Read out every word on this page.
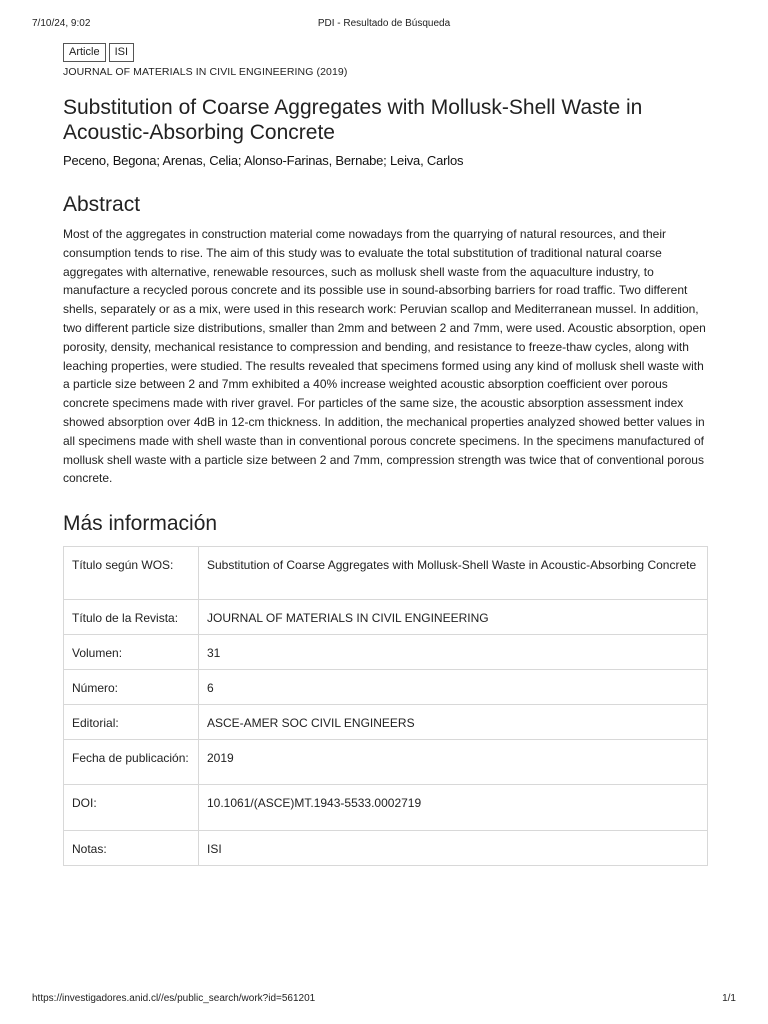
7/10/24, 9:02	PDI - Resultado de Búsqueda
Article	ISI
JOURNAL OF MATERIALS IN CIVIL ENGINEERING (2019)
Substitution of Coarse Aggregates with Mollusk-Shell Waste in Acoustic-Absorbing Concrete
Peceno, Begona; Arenas, Celia; Alonso-Farinas, Bernabe; Leiva, Carlos
Abstract
Most of the aggregates in construction material come nowadays from the quarrying of natural resources, and their consumption tends to rise. The aim of this study was to evaluate the total substitution of traditional natural coarse aggregates with alternative, renewable resources, such as mollusk shell waste from the aquaculture industry, to manufacture a recycled porous concrete and its possible use in sound-absorbing barriers for road traffic. Two different shells, separately or as a mix, were used in this research work: Peruvian scallop and Mediterranean mussel. In addition, two different particle size distributions, smaller than 2mm and between 2 and 7mm, were used. Acoustic absorption, open porosity, density, mechanical resistance to compression and bending, and resistance to freeze-thaw cycles, along with leaching properties, were studied. The results revealed that specimens formed using any kind of mollusk shell waste with a particle size between 2 and 7mm exhibited a 40% increase weighted acoustic absorption coefficient over porous concrete specimens made with river gravel. For particles of the same size, the acoustic absorption assessment index showed absorption over 4dB in 12-cm thickness. In addition, the mechanical properties analyzed showed better values in all specimens made with shell waste than in conventional porous concrete specimens. In the specimens manufactured of mollusk shell waste with a particle size between 2 and 7mm, compression strength was twice that of conventional porous concrete.
Más información
Título según WOS:	Substitution of Coarse Aggregates with Mollusk-Shell Waste in Acoustic-Absorbing Concrete
Título de la Revista:	JOURNAL OF MATERIALS IN CIVIL ENGINEERING
Volumen:	31
Número:	6
Editorial:	ASCE-AMER SOC CIVIL ENGINEERS
Fecha de publicación:	2019
DOI:	10.1061/(ASCE)MT.1943-5533.0002719
Notas:	ISI
https://investigadores.anid.cl//es/public_search/work?id=561201	1/1
